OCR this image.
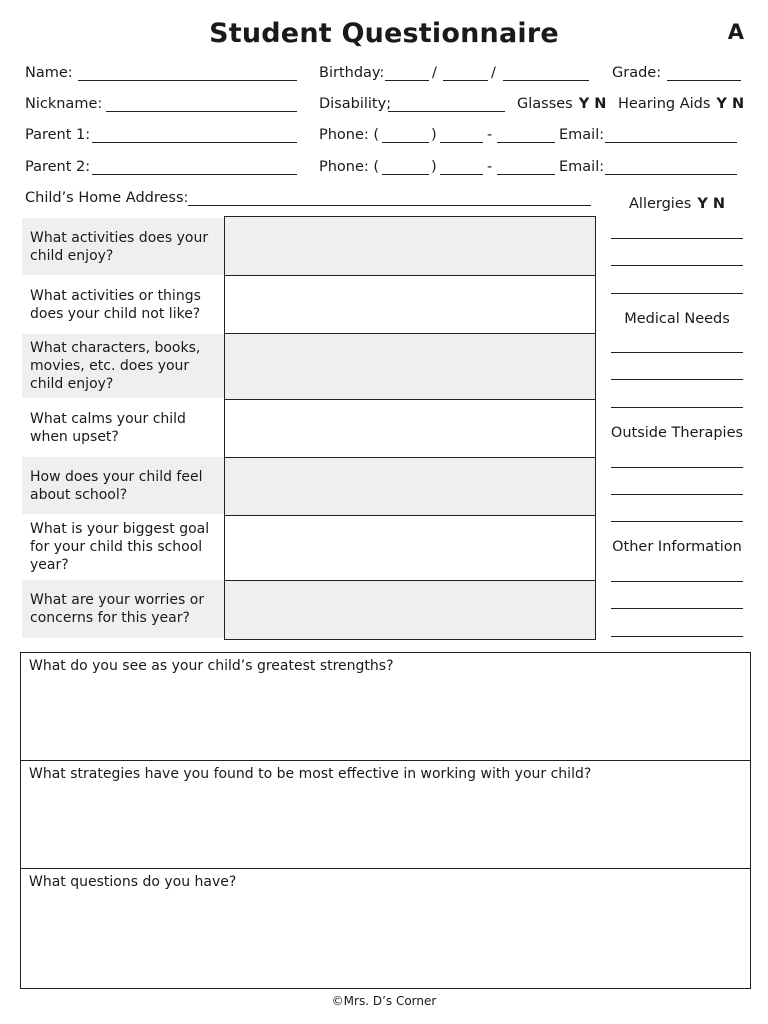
Student Questionnaire	A
Name:	Birthday:	/	/	Grade:
Nickname:	Disability;	Glasses Y N Hearing Aids Y N
Parent 1:	Phone: (	)	-	Email:
Parent 2:	Phone: (	)	-	Email:
Child’s Home Address:
What activities does your child enjoy?
What activities or things does your child not like?
What characters, books, movies, etc. does your child enjoy?
What calms your child when upset?
How does your child feel about school?
What is your biggest goal for your child this school year?
What are your worries or concerns for this year?
Allergies Y N
Medical Needs
Outside Therapies
Other Information
What do you see as your child’s greatest strengths?
What strategies have you found to be most effective in working with your child?
What questions do you have?
©Mrs. D’s Corner
